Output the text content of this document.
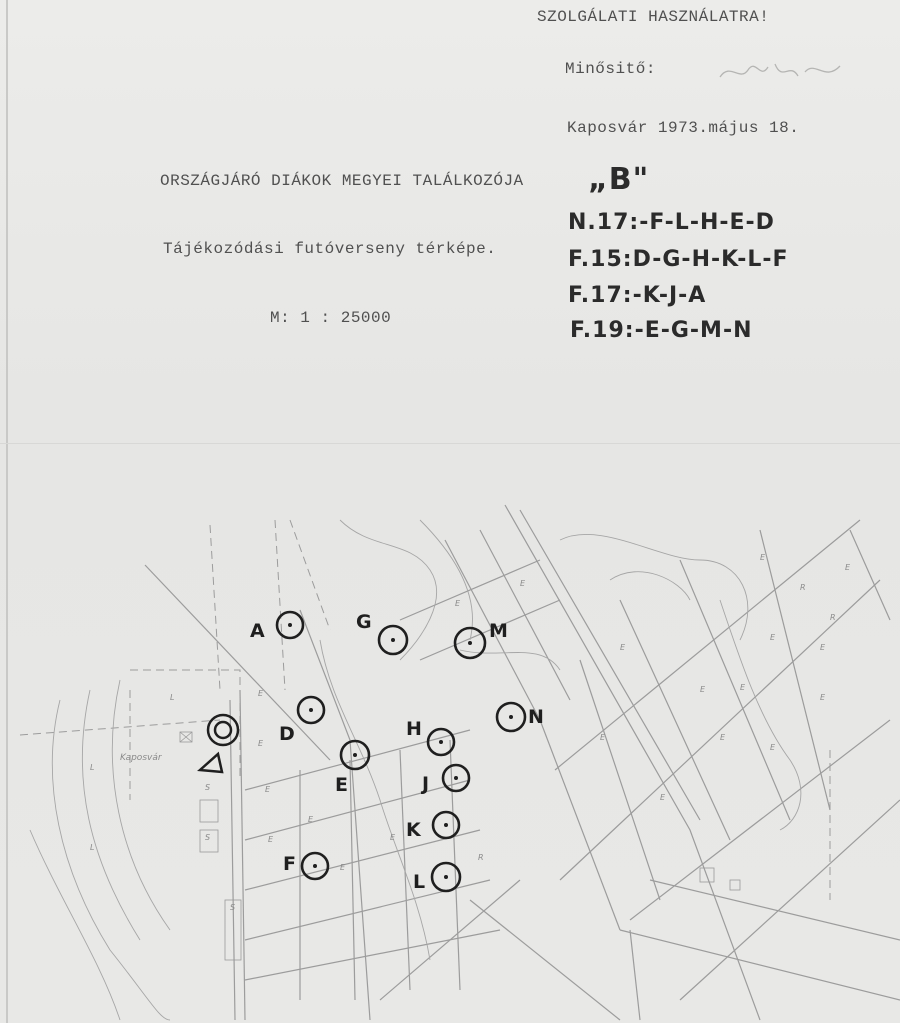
SZOLGÁLATI HASZNÁLATRA!
Minősitő:
Kaposvár 1973.május 18.
ORSZÁGJÁRÓ DIÁKOK MEGYEI TALÁLKOZÓJA „B"
Tájékozódási futóverseny térképe.
M: 1 : 25000
N.17:-F-L-H-E-D
F.15:D-G-H-K-L-F
F.17:-K-J-A
F.19:-E-G-M-N
E
E
E
E
E
E
E
E
E
R
E	E
E
E
R
E
E
R
E
E
E
E
L
L
L
S
S
S
E
E
Kaposvár
A	G	M
D	H
N
E	J
K
F
L
